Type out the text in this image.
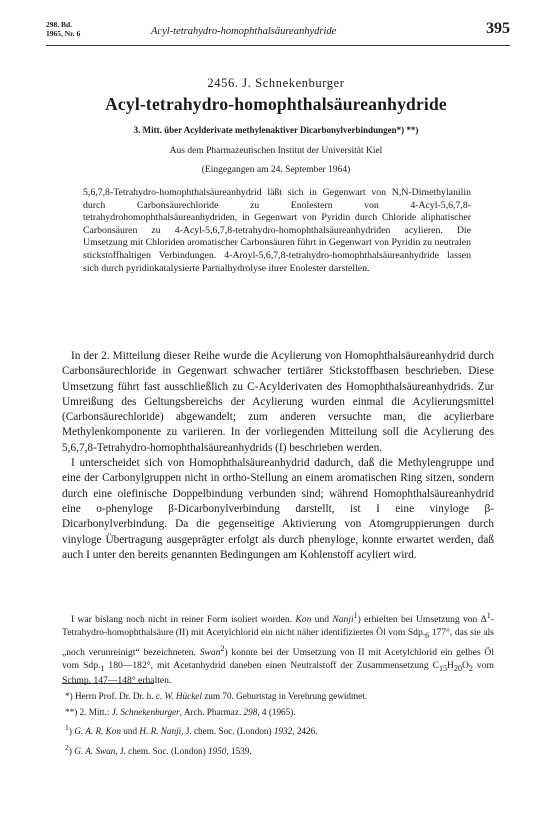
298. Bd.
1965, Nr. 6	Acyl-tetrahydro-homophthalsäureanhydride	395
2456. J. Schnekenburger
Acyl-tetrahydro-homophthalsäureanhydride
3. Mitt. über Acylderivate methylenaktiver Dicarbonylverbindungen*) **)
Aus dem Pharmazeutischen Institut der Universität Kiel
(Eingegangen am 24. September 1964)

5,6,7,8-Tetrahydro-homophthalsäureanhydrid läßt sich in Gegenwart von N,N-Dimethylanilin durch Carbonsäurechloride zu Enolestern von 4-Acyl-5,6,7,8-tetrahydrohomophthalsäureanhydriden, in Gegenwart von Pyridin durch Chloride aliphatischer Carbonsäuren zu 4-Acyl-5,6,7,8-tetrahydro-homophthalsäureanhydriden acylieren. Die Umsetzung mit Chloriden aromatischer Carbonsäuren führt in Gegenwart von Pyridin zu neutralen stickstoffhaltigen Verbindungen. 4-Aroyl-5,6,7,8-tetrahydro-homophthalsäureanhydride lassen sich durch pyridinkatalysierte Partialhydrolyse ihrer Enolester darstellen.

In der 2. Mitteilung dieser Reihe wurde die Acylierung von Homophthalsäureanhydrid durch Carbonsäurechloride in Gegenwart schwacher tertiärer Stickstoffbasen beschrieben. Diese Umsetzung führt fast ausschließlich zu C-Acylderivaten des Homophthalsäureanhydrids. Zur Umreißung des Geltungsbereichs der Acylierung wurden einmal die Acylierungsmittel (Carbonsäurechloride) abgewandelt; zum anderen versuchte man, die acylierbare Methylenkomponente zu variieren. In der vorliegenden Mitteilung soll die Acylierung des 5,6,7,8-Tetrahydro-homophthalsäureanhydrids (I) beschrieben werden.

I unterscheidet sich von Homophthalsäureanhydrid dadurch, daß die Methylengruppe und eine der Carbonylgruppen nicht in ortho-Stellung an einem aromatischen Ring sitzen, sondern durch eine olefinische Doppelbindung verbunden sind; während Homophthalsäureanhydrid eine o-phenyloge β-Dicarbonylverbindung darstellt, ist I eine vinyloge β-Dicarbonylverbindung. Da die gegenseitige Aktivierung von Atomgruppierungen durch vinyloge Übertragung ausgeprägter erfolgt als durch phenyloge, konnte erwartet werden, daß auch I unter den bereits genannten Bedingungen am Kohlenstoff acyliert wird.

I war bislang noch nicht in reiner Form isoliert worden. Kon und Nanji$^1$) erhielten bei Umsetzung von $\Delta^1-Tetrahydro$-homophthalsäure (II) mit Acetylchlorid ein nicht näher identifiziertes Öl vom $Sdp._6$ 177°, das sie als „noch verunreinigt“ bezeichneten. Swan$^2$) konnte bei der Umsetzung von II mit Acetylchlorid ein gelbes Öl vom $Sdp._1$ 180—182°, mit Acetanhydrid daneben einen Neutralstoff der Zusammensetzung $C_{15}H_{20}O_2$ vom Schmp. 147—148° erhalten.

*) Herrn Prof. Dr. Dr. h. c. W. Hückel zum 70. Geburtstag in Verehrung gewidmet.
**) 2. Mitt.: J. Schnekenburger, Arch. Pharmaz. 298, 4 (1965).
$^1$) G. A. R. Kon und H. R. Nanji, J. chem. Soc. (London) 1932, 2426.
$^2$) G. A. Swan, J. chem. Soc. (London) 1950, 1539.
